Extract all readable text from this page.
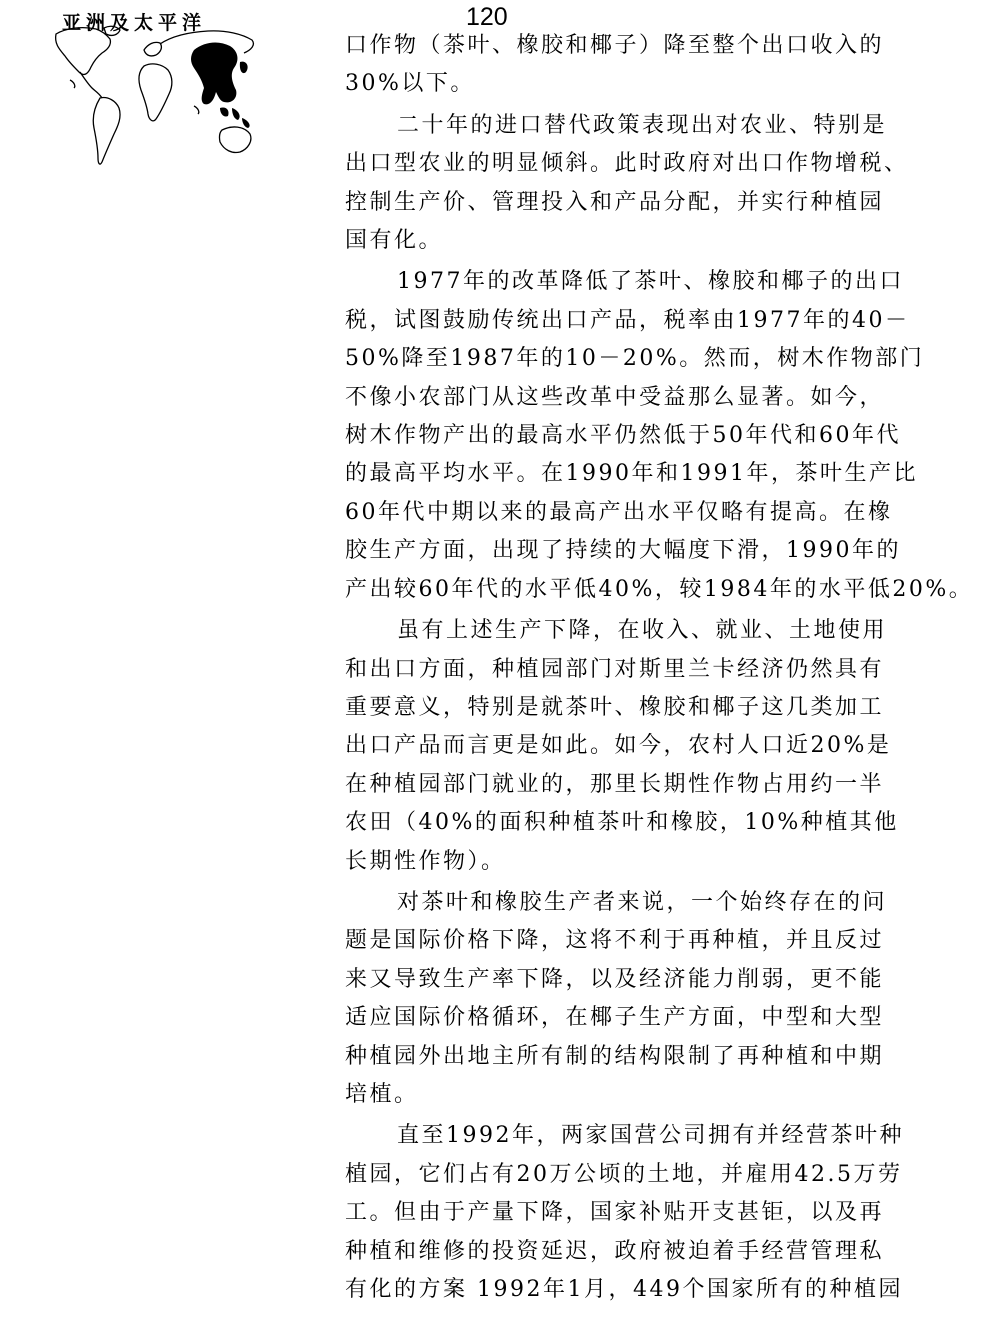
亚洲及太平洋	120

口作物（茶叶、橡胶和椰子）降至整个出口收入的

30%以下。

二十年的进口替代政策表现出对农业、特别是

出口型农业的明显倾斜。此时政府对出口作物增税、

控制生产价、管理投入和产品分配，并实行种植园

国有化。

1977年的改革降低了茶叶、橡胶和椰子的出口

税，试图鼓励传统出口产品，税率由1977年的40－

50%降至1987年的10－20%。然而，树木作物部门

不像小农部门从这些改革中受益那么显著。如今，

树木作物产出的最高水平仍然低于50年代和60年代

的最高平均水平。在1990年和1991年，茶叶生产比

60年代中期以来的最高产出水平仅略有提高。在橡

胶生产方面，出现了持续的大幅度下滑，1990年的

产出较60年代的水平低40%，较1984年的水平低20%。

虽有上述生产下降，在收入、就业、土地使用

和出口方面，种植园部门对斯里兰卡经济仍然具有

重要意义，特别是就茶叶、橡胶和椰子这几类加工

出口产品而言更是如此。如今，农村人口近20%是

在种植园部门就业的，那里长期性作物占用约一半

农田（40%的面积种植茶叶和橡胶，10%种植其他

长期性作物）。

对茶叶和橡胶生产者来说，一个始终存在的问

题是国际价格下降，这将不利于再种植，并且反过

来又导致生产率下降，以及经济能力削弱，更不能

适应国际价格循环，在椰子生产方面，中型和大型

种植园外出地主所有制的结构限制了再种植和中期

培植。

直至1992年，两家国营公司拥有并经营茶叶种

植园，它们占有20万公顷的土地，并雇用42.5万劳

工。但由于产量下降，国家补贴开支甚钜，以及再

种植和维修的投资延迟，政府被迫着手经营管理私

有化的方案 1992年1月，449个国家所有的种植园
